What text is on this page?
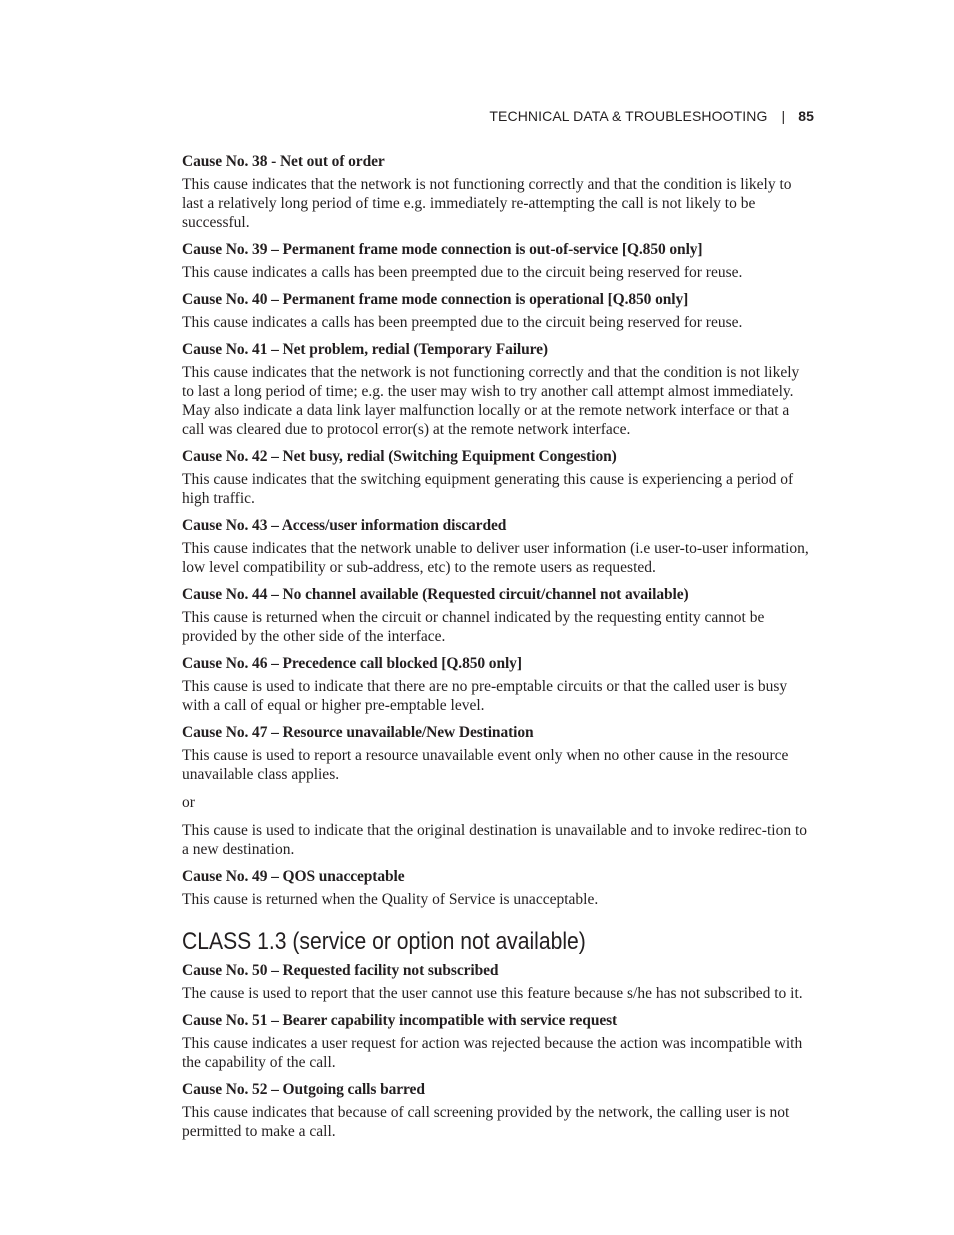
TECHNICAL DATA & TROUBLESHOOTING | 85
Cause No. 38 - Net out of order

This cause indicates that the network is not functioning correctly and that the condition is likely to last a relatively long period of time e.g. immediately re-attempting the call is not likely to be successful.

Cause No. 39 – Permanent frame mode connection is out-of-service [Q.850 only]

This cause indicates a calls has been preempted due to the circuit being reserved for reuse.

Cause No. 40 – Permanent frame mode connection is operational [Q.850 only]

This cause indicates a calls has been preempted due to the circuit being reserved for reuse.

Cause No. 41 – Net problem, redial (Temporary Failure)

This cause indicates that the network is not functioning correctly and that the condition is not likely to last a long period of time; e.g. the user may wish to try another call attempt almost immediately. May also indicate a data link layer malfunction locally or at the remote network interface or that a call was cleared due to protocol error(s) at the remote network interface.

Cause No. 42 – Net busy, redial (Switching Equipment Congestion)

This cause indicates that the switching equipment generating this cause is experiencing a period of high traffic.

Cause No. 43 – Access/user information discarded

This cause indicates that the network unable to deliver user information (i.e user-to-user information, low level compatibility or sub-address, etc) to the remote users as requested.

Cause No. 44 – No channel available (Requested circuit/channel not available)

This cause is returned when the circuit or channel indicated by the requesting entity cannot be provided by the other side of the interface.

Cause No. 46 – Precedence call blocked [Q.850 only]

This cause is used to indicate that there are no pre-emptable circuits or that the called user is busy with a call of equal or higher pre-emptable level.

Cause No. 47 – Resource unavailable/New Destination

This cause is used to report a resource unavailable event only when no other cause in the resource unavailable class applies.

or

This cause is used to indicate that the original destination is unavailable and to invoke redirec-tion to a new destination.

Cause No. 49 – QOS unacceptable

This cause is returned when the Quality of Service is unacceptable.

CLASS 1.3 (service or option not available)
Cause No. 50 – Requested facility not subscribed

The cause is used to report that the user cannot use this feature because s/he has not subscribed to it.

Cause No. 51 – Bearer capability incompatible with service request

This cause indicates a user request for action was rejected because the action was incompatible with the capability of the call.

Cause No. 52 – Outgoing calls barred

This cause indicates that because of call screening provided by the network, the calling user is not permitted to make a call.
